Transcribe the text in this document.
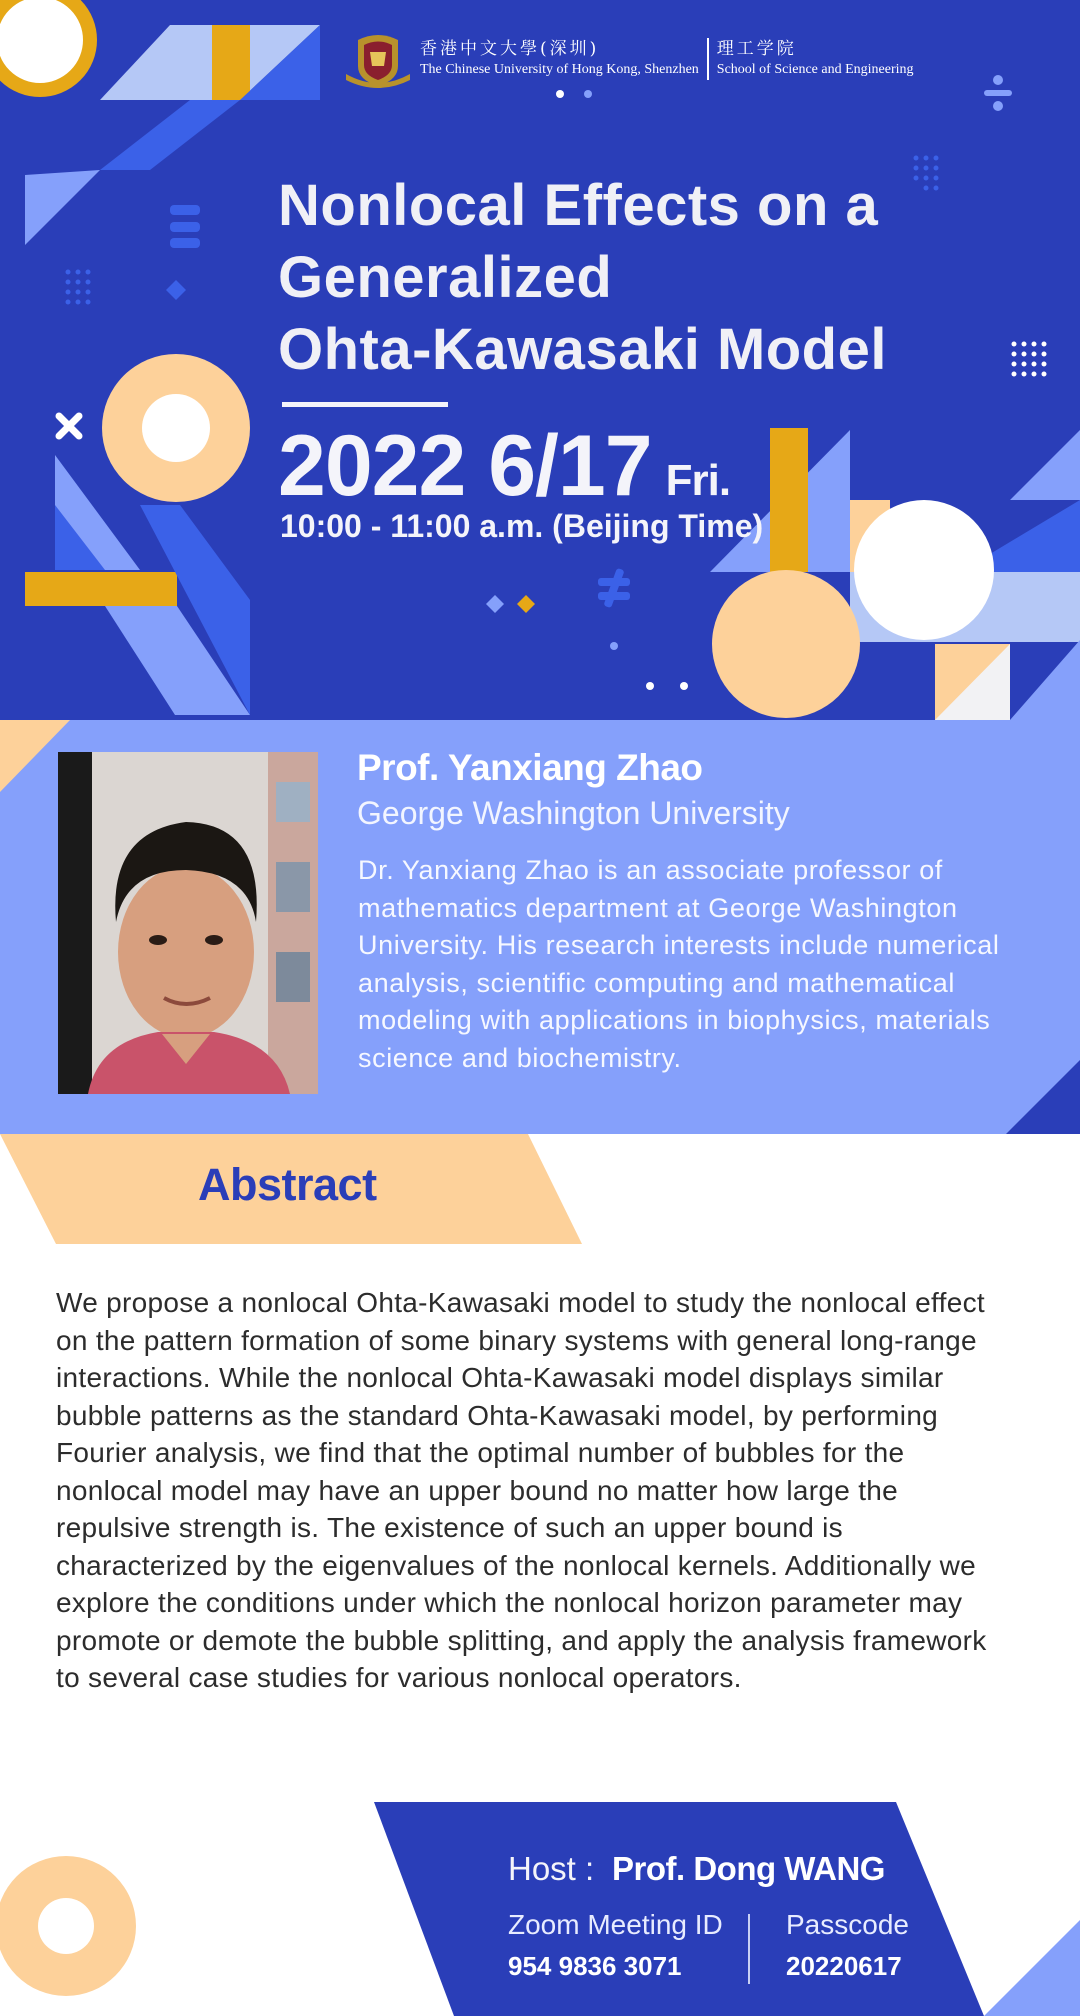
香港中文大學(深圳)
The Chinese University of Hong Kong, Shenzhen
理工学院
School of Science and Engineering
Nonlocal Effects on a
Generalized
Ohta-Kawasaki Model
2022 6/17 Fri.
10:00 - 11:00 a.m. (Beijing Time)
Prof. Yanxiang Zhao
George Washington University
Dr. Yanxiang Zhao is an associate professor of mathematics department at George Washington University. His research interests include numerical analysis, scientific computing and mathematical modeling with applications in biophysics, materials science and biochemistry.
Abstract
We propose a nonlocal Ohta-Kawasaki model to study the nonlocal effect on the pattern formation of some binary systems with general long-range interactions. While the nonlocal Ohta-Kawasaki model displays similar bubble patterns as the standard Ohta-Kawasaki model, by performing Fourier analysis, we find that the optimal number of bubbles for the nonlocal model may have an upper bound no matter how large the repulsive strength is. The existence of such an upper bound is characterized by the eigenvalues of the nonlocal kernels. Additionally we explore the conditions under which the nonlocal horizon parameter may promote or demote the bubble splitting, and apply the analysis framework to several case studies for various nonlocal operators.
Host : Prof. Dong WANG
Zoom Meeting ID
954 9836 3071
Passcode
20220617
